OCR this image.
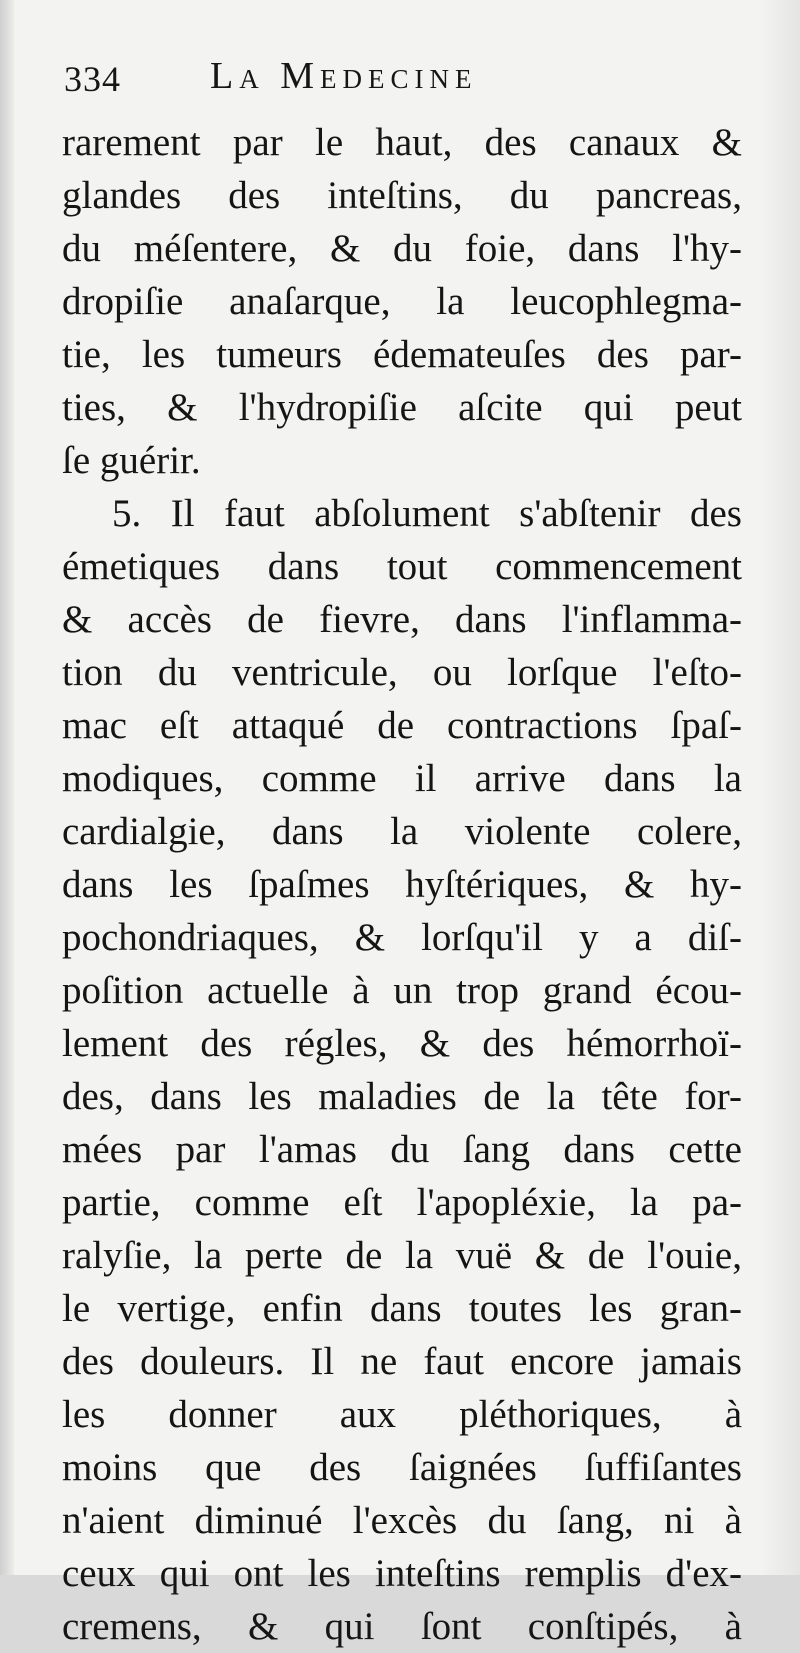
334 La Medecine
rarement par le haut, des canaux &
glandes des inteſtins, du pancreas,
du méſentere, & du foie, dans l'hy-
dropiſie anaſarque, la leucophlegma-
tie, les tumeurs édemateuſes des par-
ties, & l'hydropiſie aſcite qui peut
ſe guérir.
5. Il faut abſolument s'abſtenir des
émetiques dans tout commencement
& accès de fievre, dans l'inflamma-
tion du ventricule, ou lorſque l'eſto-
mac eſt attaqué de contractions ſpaſ-
modiques, comme il arrive dans la
cardialgie, dans la violente colere,
dans les ſpaſmes hyſtériques, & hy-
pochondriaques, & lorſqu'il y a diſ-
poſition actuelle à un trop grand écou-
lement des régles, & des hémorrhoï-
des, dans les maladies de la tête for-
mées par l'amas du ſang dans cette
partie, comme eſt l'apopléxie, la pa-
ralyſie, la perte de la vuë & de l'ouie,
le vertige, enfin dans toutes les gran-
des douleurs. Il ne faut encore jamais
les donner aux pléthoriques, à
moins que des ſaignées ſuffiſantes
n'aient diminué l'excès du ſang, ni à
ceux qui ont les inteſtins remplis d'ex-
cremens, & qui ſont conſtipés, à
